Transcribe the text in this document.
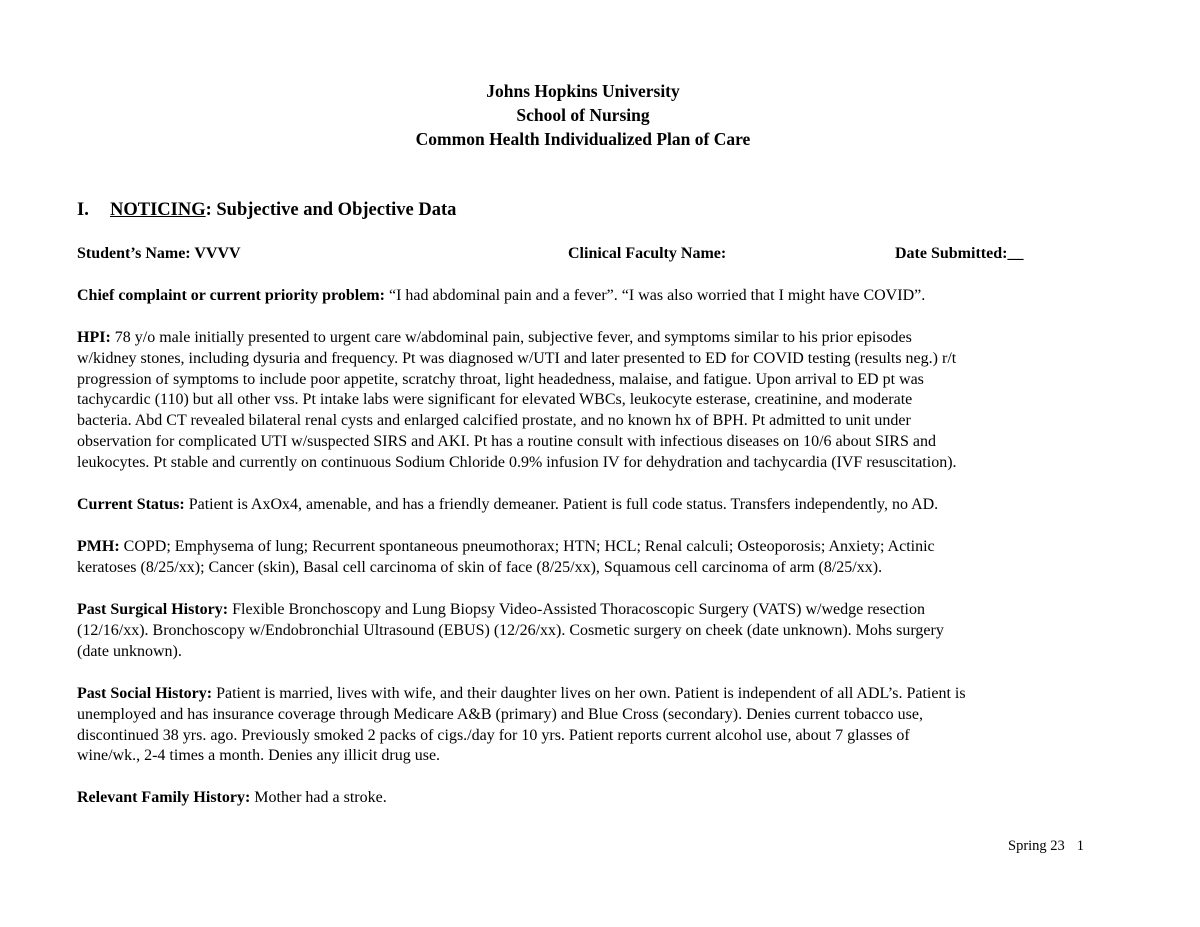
Johns Hopkins University
School of Nursing
Common Health Individualized Plan of Care
I. NOTICING: Subjective and Objective Data
Student’s Name: VVVV	Clinical Faculty Name:	Date Submitted:__
Chief complaint or current priority problem: “I had abdominal pain and a fever”. “I was also worried that I might have COVID”.
HPI: 78 y/o male initially presented to urgent care w/abdominal pain, subjective fever, and symptoms similar to his prior episodes
w/kidney stones, including dysuria and frequency. Pt was diagnosed w/UTI and later presented to ED for COVID testing (results neg.) r/t
progression of symptoms to include poor appetite, scratchy throat, light headedness, malaise, and fatigue. Upon arrival to ED pt was
tachycardic (110) but all other vss. Pt intake labs were significant for elevated WBCs, leukocyte esterase, creatinine, and moderate
bacteria. Abd CT revealed bilateral renal cysts and enlarged calcified prostate, and no known hx of BPH. Pt admitted to unit under
observation for complicated UTI w/suspected SIRS and AKI. Pt has a routine consult with infectious diseases on 10/6 about SIRS and
leukocytes. Pt stable and currently on continuous Sodium Chloride 0.9% infusion IV for dehydration and tachycardia (IVF resuscitation).
Current Status: Patient is AxOx4, amenable, and has a friendly demeaner. Patient is full code status. Transfers independently, no AD.
PMH: COPD; Emphysema of lung; Recurrent spontaneous pneumothorax; HTN; HCL; Renal calculi; Osteoporosis; Anxiety; Actinic
keratoses (8/25/xx); Cancer (skin), Basal cell carcinoma of skin of face (8/25/xx), Squamous cell carcinoma of arm (8/25/xx).
Past Surgical History: Flexible Bronchoscopy and Lung Biopsy Video-Assisted Thoracoscopic Surgery (VATS) w/wedge resection
(12/16/xx). Bronchoscopy w/Endobronchial Ultrasound (EBUS) (12/26/xx). Cosmetic surgery on cheek (date unknown). Mohs surgery
(date unknown).
Past Social History: Patient is married, lives with wife, and their daughter lives on her own. Patient is independent of all ADL’s. Patient is
unemployed and has insurance coverage through Medicare A&B (primary) and Blue Cross (secondary). Denies current tobacco use,
discontinued 38 yrs. ago. Previously smoked 2 packs of cigs./day for 10 yrs. Patient reports current alcohol use, about 7 glasses of
wine/wk., 2-4 times a month. Denies any illicit drug use.
Relevant Family History: Mother had a stroke.
Spring 23 1
